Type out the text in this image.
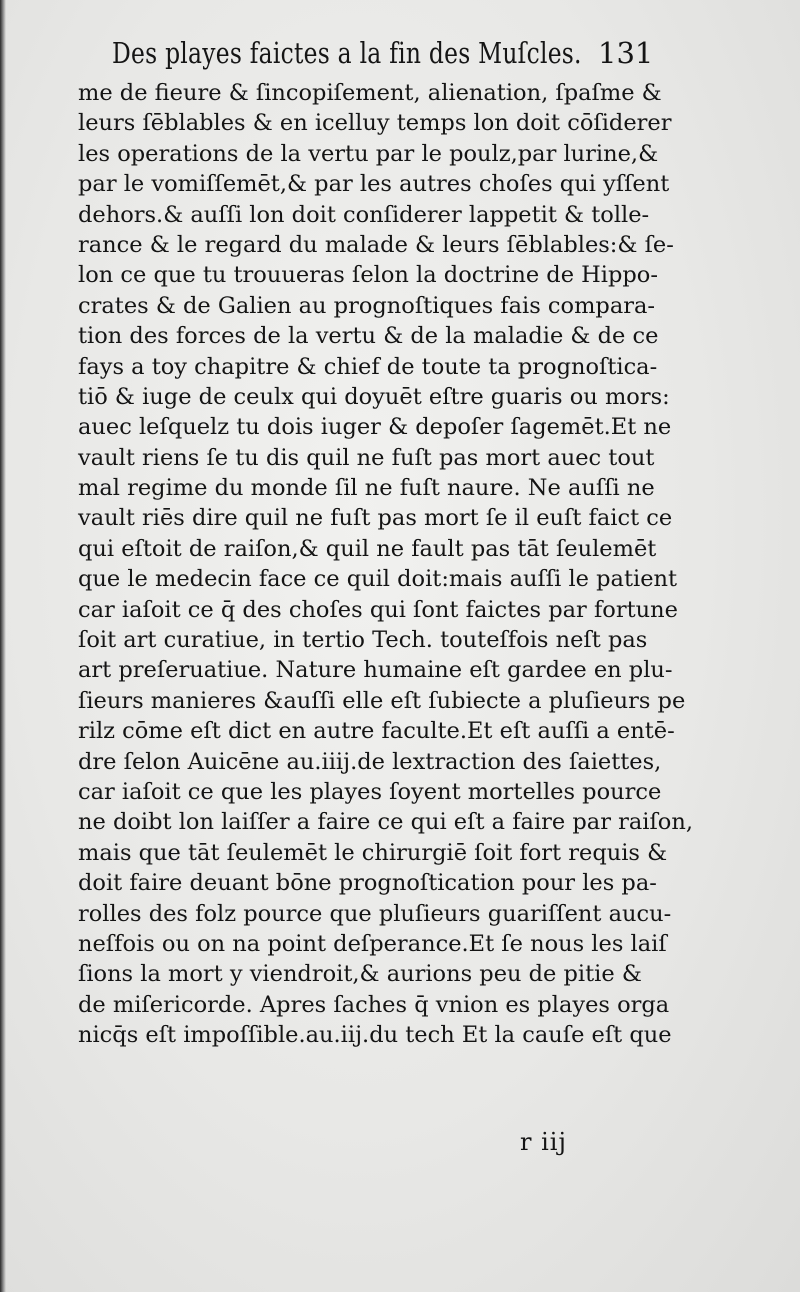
Des playes faictes a la fin des Muſcles. 131
me de fieure & ſincopiſement, alienation, ſpaſme &
leurs ſēblables & en icelluy temps lon doit cōſiderer
les operations de la vertu par le poulz,par lurine,&
par le vomiſſemēt,& par les autres choſes qui yſſent
dehors.& auſſi lon doit conſiderer lappetit & tolle-
rance & le regard du malade & leurs ſēblables:& ſe-
lon ce que tu trouueras ſelon la doctrine de Hippo-
crates & de Galien au prognoſtiques fais compara-
tion des forces de la vertu & de la maladie & de ce
fays a toy chapitre & chief de toute ta prognoſtica-
tiō & iuge de ceulx qui doyuēt eſtre guaris ou mors:
auec leſquelz tu dois iuger & depoſer ſagemēt.Et ne
vault riens ſe tu dis quil ne fuſt pas mort auec tout
mal regime du monde ſil ne fuſt naure. Ne auſſi ne
vault riēs dire quil ne fuſt pas mort ſe il euſt faict ce
qui eſtoit de raiſon,& quil ne fault pas tāt ſeulemēt
que le medecin face ce quil doit:mais auſſi le patient
car iaſoit ce q̄ des choſes qui ſont faictes par fortune
ſoit art curatiue, in tertio Tech. touteſfois neſt pas
art preſeruatiue. Nature humaine eſt gardee en plu-
ſieurs manieres &auſſi elle eſt ſubiecte a pluſieurs pe
rilz cōme eſt dict en autre faculte.Et eſt auſſi a entē-
dre ſelon Auicēne au.iiij.de lextraction des ſaiettes,
car iaſoit ce que les playes ſoyent mortelles pource
ne doibt lon laiſſer a faire ce qui eſt a faire par raiſon,
mais que tāt ſeulemēt le chirurgiē ſoit fort requis &
doit faire deuant bōne prognoſtication pour les pa-
rolles des folz pource que pluſieurs guariſſent aucu-
neſfois ou on na point deſperance.Et ſe nous les laiſ
ſions la mort y viendroit,& aurions peu de pitie &
de miſericorde. Apres ſaches q̄ vnion es playes orga
nicq̄s eſt impoſſible.au.iij.du tech Et la cauſe eſt que
r iij
